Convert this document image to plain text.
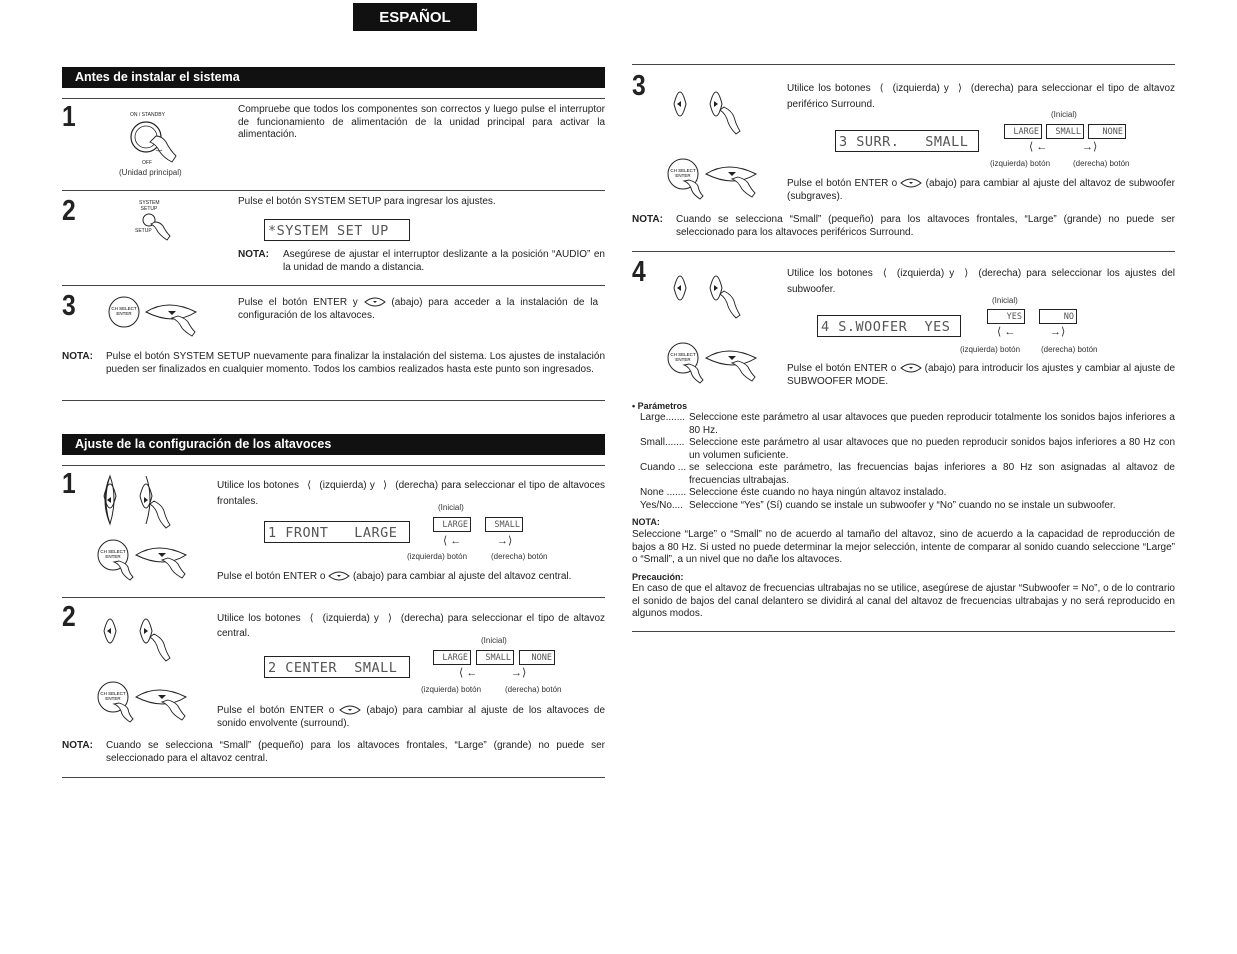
ESPAÑOL
Antes de instalar el sistema
1	ON / STANDBY
OFF
(Unidad principal)
Compruebe que todos los componentes son correctos y luego pulse el interruptor de funcionamiento de alimentación de la unidad principal para activar la alimentación.
2	SYSTEM SETUP
SETUP
Pulse el botón SYSTEM SETUP para ingresar los ajustes.
*SYSTEM SET UP
NOTA:	Asegúrese de ajustar el interruptor deslizante a la posición “AUDIO” en la unidad de mando a distancia.
3	CH SELECT
ENTER
Pulse el botón ENTER y	(abajo) para acceder a la instalación de la configuración de los altavoces.
NOTA:	Pulse el botón SYSTEM SETUP nuevamente para finalizar la instalación del sistema. Los ajustes de instalación pueden ser finalizados en cualquier momento. Todos los cambios realizados hasta este punto son ingresados.
Ajuste de la configuración de los altavoces
1
CH SELECT
ENTER
Utilice los botones ⟨ (izquierda) y ⟩ (derecha) para seleccionar el tipo de altavoces frontales.
1 FRONT   LARGE
(Inicial)
LARGE	SMALL
⟨ ←	→⟩
(izquierda) botón	(derecha) botón
Pulse el botón ENTER o	(abajo) para cambiar al ajuste del altavoz central.
2
CH SELECT
ENTER
Utilice los botones ⟨ (izquierda) y ⟩ (derecha) para seleccionar el tipo de altavoz central.
2 CENTER  SMALL
(Inicial)
LARGE	SMALL	NONE
⟨ ←	→⟩
(izquierda) botón	(derecha) botón
Pulse el botón ENTER o	(abajo) para cambiar al ajuste de los altavoces de sonido envolvente (surround).
NOTA:	Cuando se selecciona “Small” (pequeño) para los altavoces frontales, “Large” (grande) no puede ser seleccionado para el altavoz central.
3
CH SELECT
ENTER
Utilice los botones ⟨ (izquierda) y ⟩ (derecha) para seleccionar el tipo de altavoz periférico Surround.
3 SURR.   SMALL
(Inicial)
LARGE	SMALL	NONE
⟨ ←	→⟩
(izquierda) botón	(derecha) botón
Pulse el botón ENTER o	(abajo) para cambiar al ajuste del altavoz de subwoofer (subgraves).
NOTA:	Cuando se selecciona “Small” (pequeño) para los altavoces frontales, “Large” (grande) no puede ser seleccionado para los altavoces periféricos Surround.
4
CH SELECT
ENTER
Utilice los botones ⟨ (izquierda) y ⟩ (derecha) para seleccionar los ajustes del subwoofer.
4 S.WOOFER  YES
(Inicial)
YES	NO
⟨ ←	→⟩
(izquierda) botón	(derecha) botón
Pulse el botón ENTER o	(abajo) para introducir los ajustes y cambiar al ajuste de SUBWOOFER MODE.
• Parámetros
Large....... Seleccione este parámetro al usar altavoces que pueden reproducir totalmente los sonidos bajos inferiores a 80 Hz.
Small....... Seleccione este parámetro al usar altavoces que no pueden reproducir sonidos bajos inferiores a 80 Hz con un volumen suficiente.
Cuando ... se selecciona este parámetro, las frecuencias bajas inferiores a 80 Hz son asignadas al altavoz de frecuencias ultrabajas.
None ....... Seleccione éste cuando no haya ningún altavoz instalado.
Yes/No.... Seleccione “Yes” (Sí) cuando se instale un subwoofer y “No” cuando no se instale un subwoofer.
NOTA:
Seleccione “Large” o “Small” no de acuerdo al tamaño del altavoz, sino de acuerdo a la capacidad de reproducción de bajos a 80 Hz. Si usted no puede determinar la mejor selección, intente de comparar al sonido cuando seleccione “Large” o “Small”, a un nivel que no dañe los altavoces.
Precaución:
En caso de que el altavoz de frecuencias ultrabajas no se utilice, asegúrese de ajustar “Subwoofer = No”, o de lo contrario el sonido de bajos del canal delantero se dividirá al canal del altavoz de frecuencias ultrabajas y no será reproducido en algunos modos.
